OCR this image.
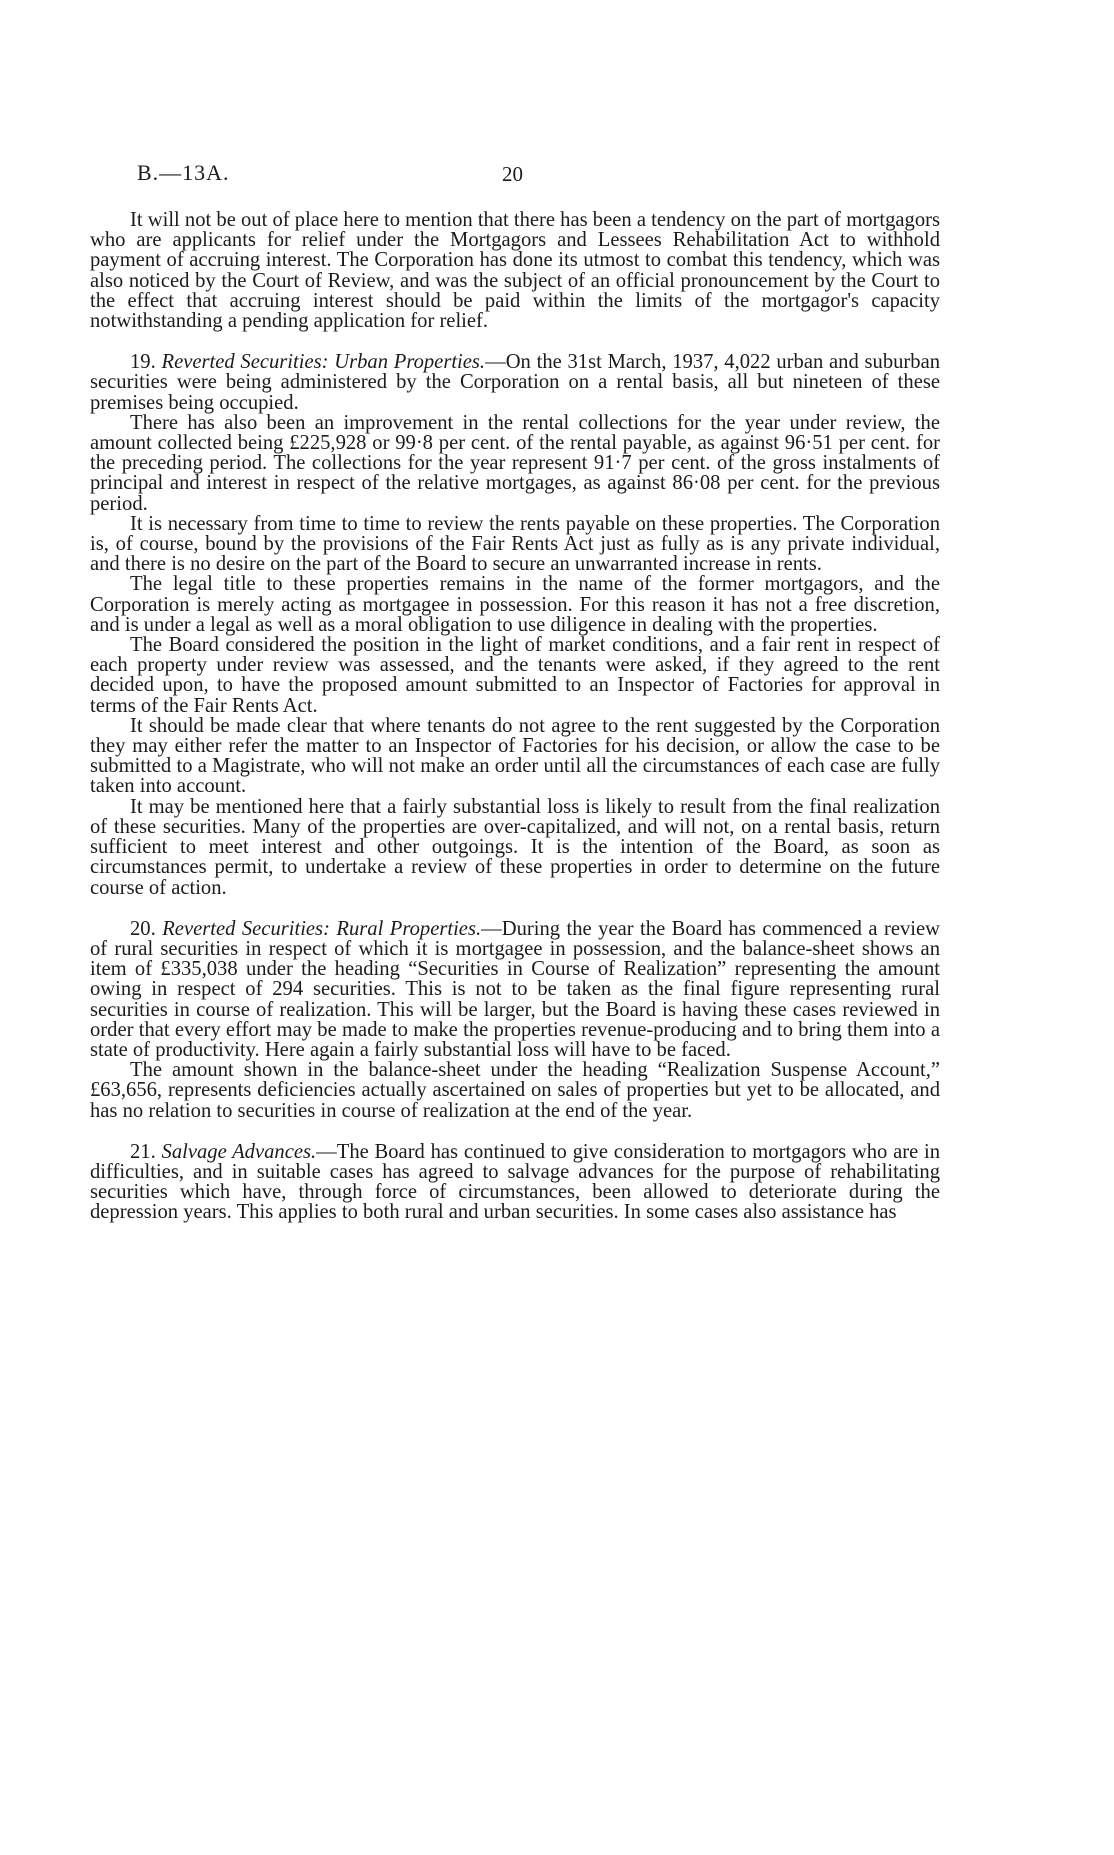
B.—13A.	20

It will not be out of place here to mention that there has been a tendency on the part of mortgagors who are applicants for relief under the Mortgagors and Lessees Rehabilitation Act to withhold payment of accruing interest. The Corporation has done its utmost to combat this tendency, which was also noticed by the Court of Review, and was the subject of an official pronouncement by the Court to the effect that accruing interest should be paid within the limits of the mortgagor's capacity notwithstanding a pending application for relief.

19. Reverted Securities: Urban Properties.—On the 31st March, 1937, 4,022 urban and suburban securities were being administered by the Corporation on a rental basis, all but nineteen of these premises being occupied.

There has also been an improvement in the rental collections for the year under review, the amount collected being £225,928 or 99·8 per cent. of the rental payable, as against 96·51 per cent. for the preceding period. The collections for the year represent 91·7 per cent. of the gross instalments of principal and interest in respect of the relative mortgages, as against 86·08 per cent. for the previous period.

It is necessary from time to time to review the rents payable on these properties. The Corporation is, of course, bound by the provisions of the Fair Rents Act just as fully as is any private individual, and there is no desire on the part of the Board to secure an unwarranted increase in rents.

The legal title to these properties remains in the name of the former mortgagors, and the Corporation is merely acting as mortgagee in possession. For this reason it has not a free discretion, and is under a legal as well as a moral obligation to use diligence in dealing with the properties.

The Board considered the position in the light of market conditions, and a fair rent in respect of each property under review was assessed, and the tenants were asked, if they agreed to the rent decided upon, to have the proposed amount submitted to an Inspector of Factories for approval in terms of the Fair Rents Act.

It should be made clear that where tenants do not agree to the rent suggested by the Corporation they may either refer the matter to an Inspector of Factories for his decision, or allow the case to be submitted to a Magistrate, who will not make an order until all the circumstances of each case are fully taken into account.

It may be mentioned here that a fairly substantial loss is likely to result from the final realization of these securities. Many of the properties are over-capitalized, and will not, on a rental basis, return sufficient to meet interest and other outgoings. It is the intention of the Board, as soon as circumstances permit, to undertake a review of these properties in order to determine on the future course of action.

20. Reverted Securities: Rural Properties.—During the year the Board has commenced a review of rural securities in respect of which it is mortgagee in possession, and the balance-sheet shows an item of £335,038 under the heading “Securities in Course of Realization” representing the amount owing in respect of 294 securities. This is not to be taken as the final figure representing rural securities in course of realization. This will be larger, but the Board is having these cases reviewed in order that every effort may be made to make the properties revenue-producing and to bring them into a state of productivity. Here again a fairly substantial loss will have to be faced.

The amount shown in the balance-sheet under the heading “Realization Suspense Account,” £63,656, represents deficiencies actually ascertained on sales of properties but yet to be allocated, and has no relation to securities in course of realization at the end of the year.

21. Salvage Advances.—The Board has continued to give consideration to mortgagors who are in difficulties, and in suitable cases has agreed to salvage advances for the purpose of rehabilitating securities which have, through force of circumstances, been allowed to deteriorate during the depression years. This applies to both rural and urban securities. In some cases also assistance has
